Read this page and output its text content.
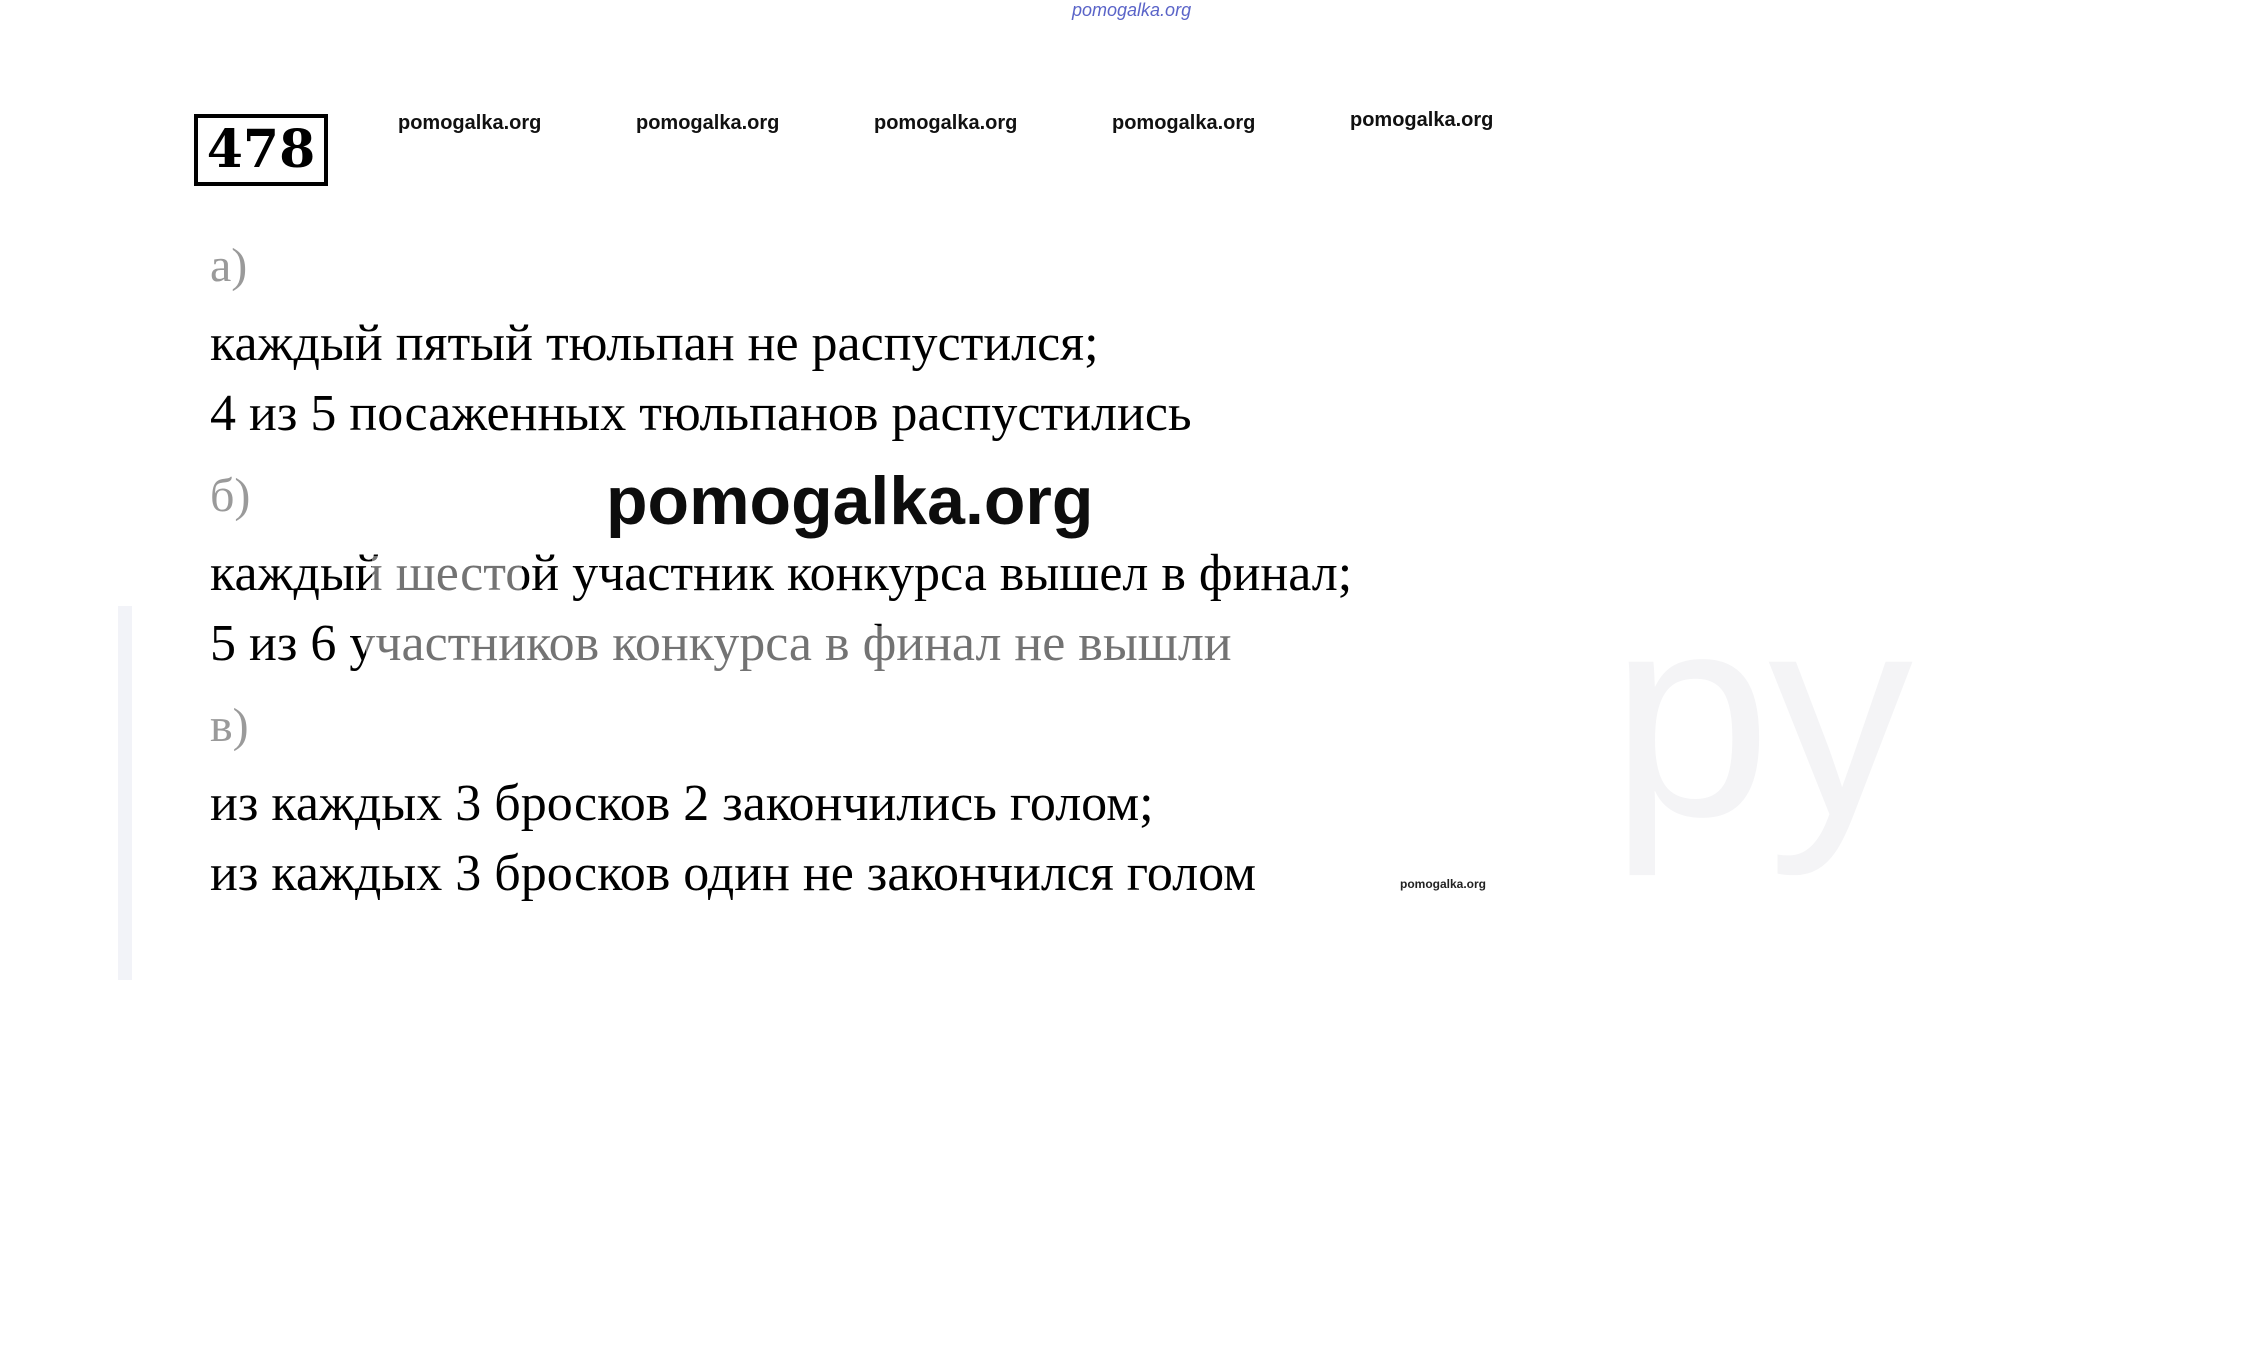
ру
pomogalka.org
478	pomogalka.org	pomogalka.org	pomogalka.org	pomogalka.org	pomogalka.org
а)
каждый пятый тюльпан не распустился;
4 из 5 посаженных тюльпанов распустились
б)
каждый шестой участник конкурса вышел в финал;
5 из 6 участников конкурса в финал не вышли
в)
из каждых 3 бросков 2 закончились голом;
из каждых 3 бросков один не закончился голом
pomogalka.org
pomogalka.org
